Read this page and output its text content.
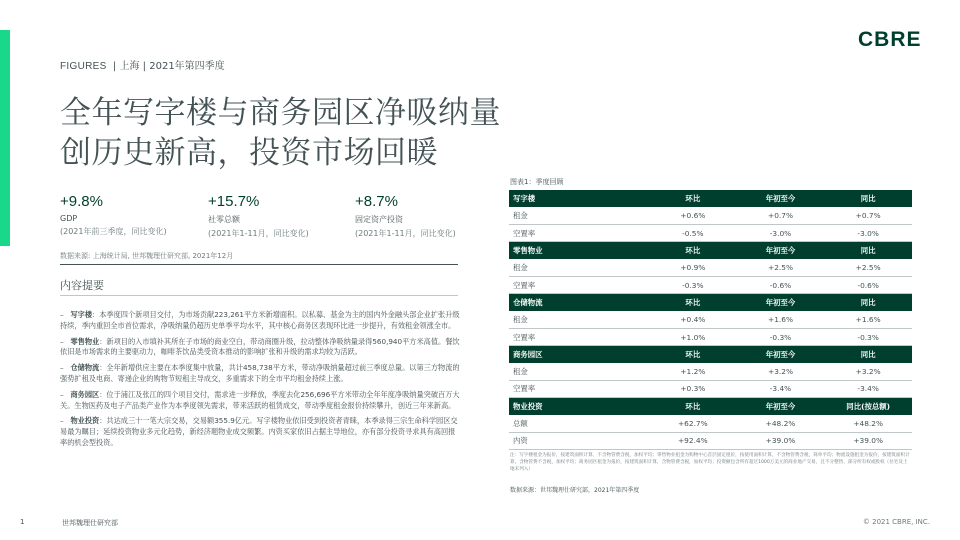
CBRE
FIGURES | 上海 | 2021年第四季度
全年写字楼与商务园区净吸纳量
创历史新高，投资市场回暖
+9.8%
GDP
(2021年前三季度，同比变化)
+15.7%
社零总额
(2021年1-11月，同比变化)
+8.7%
固定资产投资
(2021年1-11月，同比变化)
数据来源: 上海统计局, 世邦魏理仕研究部, 2021年12月
内容提要
– 写字楼：本季度四个新项目交付，为市场贡献223,261平方米新增面积。以私募、基金为主的国内外金融头部企业扩张升级持续，季内重回全市首位需求，净吸纳量仍超历史单季平均水平，其中核心商务区表现环比进一步提升，有效租金领涨全市。
– 零售物业：新项目的入市填补其所在子市场的商业空白，带动商圈升级，拉动整体净吸纳量录得560,940平方米高值。餐饮依旧是市场需求的主要驱动力，咖啡茶饮品类受资本推动的影响扩张和升级的需求均较为活跃。
– 仓储物流：全年新增供应主要在本季度集中放量，共计458,738平方米，带动净吸纳量超过前三季度总量。以第三方物流的强势扩租及电商、寄递企业的购物节短租主导成交，多重需求下的全市平均租金持续上涨。
– 商务园区：位于浦江及张江的四个项目交付，需求进一步释放，季度去化256,696平方米带动全年年度净吸纳量突破百万大关。生物医药及电子产品类产业作为本季度领先需求，带来活跃的租赁成交，带动季度租金报价持续攀升，创近三年来新高。
– 物业投资：共达成三十一笔大宗交易，交易额355.9亿元。写字楼物业依旧受到投资者青睐，本季录得三宗生命科学园区交易最为瞩目；延续投资物业多元化趋势，新经济题物业成交频繁。内资买家依旧占据主导地位，亦有部分投资寻求具有高回报率的机会型投资。
图表1：季度回顾
写字楼	环比	年初至今	同比
租金	+0.6%	+0.7%	+0.7%
空置率	-0.5%	-3.0%	-3.0%
零售物业	环比	年初至今	同比
租金	+0.9%	+2.5%	+2.5%
空置率	-0.3%	-0.6%	-0.6%
仓储物流	环比	年初至今	同比
租金	+0.4%	+1.6%	+1.6%
空置率	+1.0%	-0.3%	-0.3%
商务园区	环比	年初至今	同比
租金	+1.2%	+3.2%	+3.2%
空置率	+0.3%	-3.4%	-3.4%
物业投资	环比	年初至今	同比(按总额)
总额	+62.7%	+48.2%	+48.2%
内资	+92.4%	+39.0%	+39.0%
注：写字楼租金为报价，按建筑面积计算，不含物管费含税，加权平均；零售物业租金为购物中心首层固定租价，按使用面积计算，不含物管费含税，简单平均；物流设施租金为报价，按建筑面积计算，含物管费不含税，加权平均；商务园区租金为报价，按建筑面积计算，含物管费含税，加权平均；投资额包含所有超过1000万美元的商业地产交易，且不分整售、部分所有权或股权（住宅及土地未列入）
数据来源：世邦魏理仕研究部，2021年第四季度
1	世邦魏理仕研究部	© 2021 CBRE, INC.
